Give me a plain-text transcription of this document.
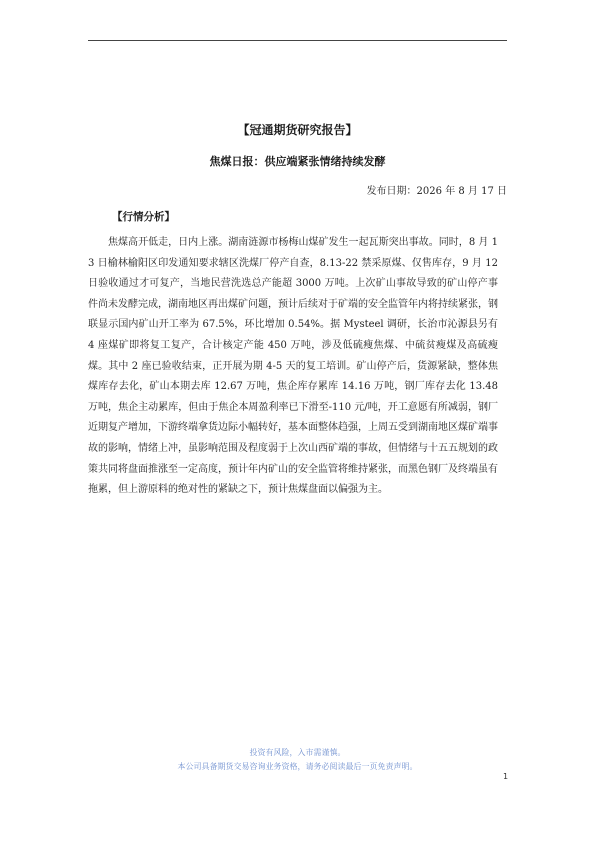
【冠通期货研究报告】
焦煤日报：供应端紧张情绪持续发酵
发布日期：2026 年 8 月 17 日
【行情分析】

焦煤高开低走，日内上涨。湖南涟源市杨梅山煤矿发生一起瓦斯突出事故。同时，8 月 13 日榆林榆阳区印发通知要求辖区洗煤厂停产自查，8.13-22 禁采原煤、仅售库存，9 月 12 日验收通过才可复产，当地民营洗选总产能超 3000 万吨。上次矿山事故导致的矿山停产事件尚未发酵完成，湖南地区再出煤矿问题，预计后续对于矿端的安全监管年内将持续紧张，钢联显示国内矿山开工率为 67.5%，环比增加 0.54%。据 Mysteel 调研，长治市沁源县另有 4 座煤矿即将复工复产，合计核定产能 450 万吨，涉及低硫瘦焦煤、中硫贫瘦煤及高硫瘦煤。其中 2 座已验收结束，正开展为期 4-5 天的复工培训。矿山停产后，货源紧缺，整体焦煤库存去化，矿山本期去库 12.67 万吨，焦企库存累库 14.16 万吨，钢厂库存去化 13.48 万吨，焦企主动累库，但由于焦企本周盈利率已下滑至-110 元/吨，开工意愿有所减弱，钢厂近期复产增加，下游终端拿货边际小幅转好，基本面整体趋强，上周五受到湖南地区煤矿端事故的影响，情绪上冲，虽影响范围及程度弱于上次山西矿端的事故，但情绪与十五五规划的政策共同将盘面推涨至一定高度，预计年内矿山的安全监管将维持紧张，而黑色钢厂及终端虽有拖累，但上游原料的绝对性的紧缺之下，预计焦煤盘面以偏强为主。

投资有风险，入市需谨慎。
本公司具备期货交易咨询业务资格，请务必阅读最后一页免责声明。
1
